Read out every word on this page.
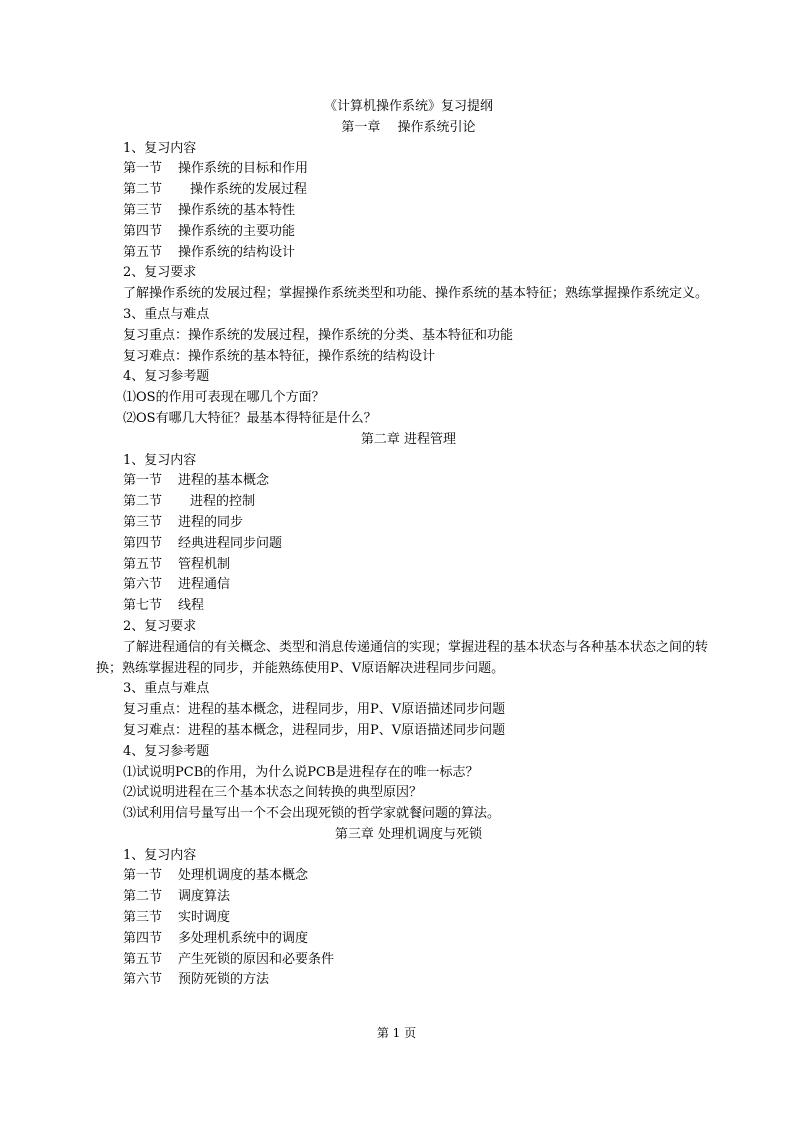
《计算机操作系统》复习提纲
第一章　 操作系统引论
1、复习内容
第一节 操作系统的目标和作用
第二节 操作系统的发展过程
第三节 操作系统的基本特性
第四节 操作系统的主要功能
第五节 操作系统的结构设计
2、复习要求
了解操作系统的发展过程；掌握操作系统类型和功能、操作系统的基本特征；熟练掌握操作系统定义。
3、重点与难点
复习重点：操作系统的发展过程，操作系统的分类、基本特征和功能
复习难点：操作系统的基本特征，操作系统的结构设计
4、复习参考题
⑴OS的作用可表现在哪几个方面？
⑵OS有哪几大特征？最基本得特征是什么？
第二章 进程管理
1、复习内容
第一节 进程的基本概念
第二节 进程的控制
第三节 进程的同步
第四节 经典进程同步问题
第五节 管程机制
第六节 进程通信
第七节 线程
2、复习要求
了解进程通信的有关概念、类型和消息传递通信的实现；掌握进程的基本状态与各种基本状态之间的转换；熟练掌握进程的同步，并能熟练使用P、V原语解决进程同步问题。
3、重点与难点
复习重点：进程的基本概念，进程同步，用P、V原语描述同步问题
复习难点：进程的基本概念，进程同步，用P、V原语描述同步问题
4、复习参考题
⑴试说明PCB的作用，为什么说PCB是进程存在的唯一标志？
⑵试说明进程在三个基本状态之间转换的典型原因？
⑶试利用信号量写出一个不会出现死锁的哲学家就餐问题的算法。
第三章 处理机调度与死锁
1、复习内容
第一节 处理机调度的基本概念
第二节 调度算法
第三节 实时调度
第四节 多处理机系统中的调度
第五节 产生死锁的原因和必要条件
第六节 预防死锁的方法
第 1 页
